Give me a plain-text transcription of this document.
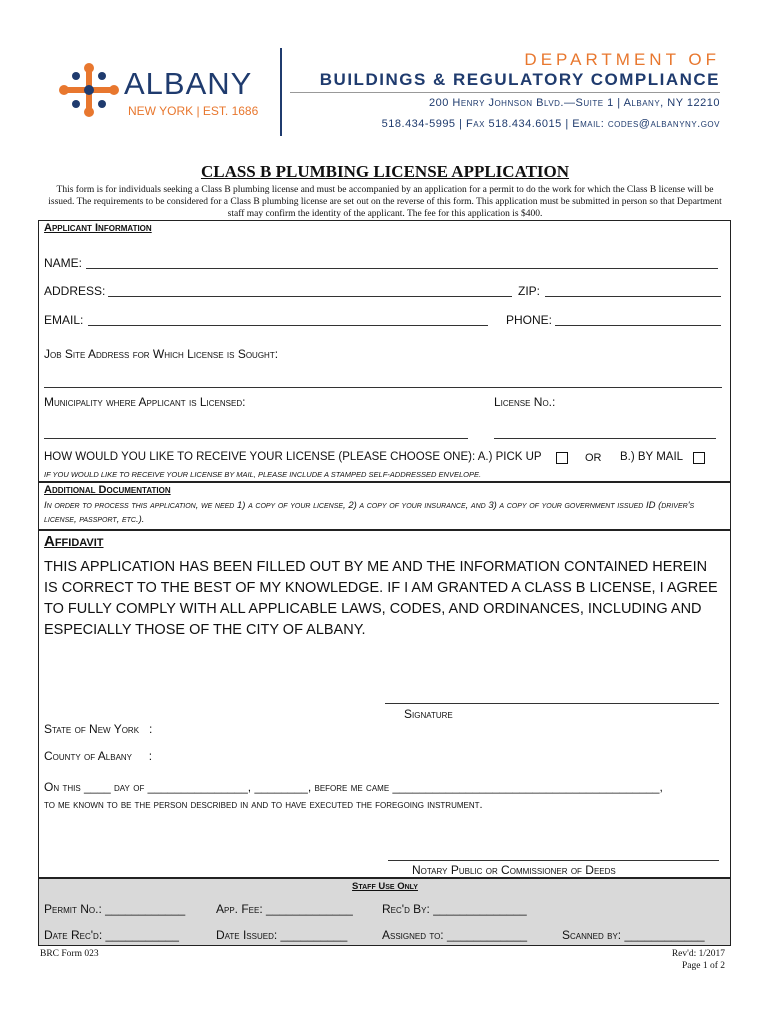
ALBANY
NEW YORK | EST. 1686
DEPARTMENT OF
BUILDINGS & REGULATORY COMPLIANCE
200 Henry Johnson Blvd.—Suite 1 | Albany, NY 12210
518.434-5995 | Fax 518.434.6015 | Email: codes@albanyny.gov
CLASS B PLUMBING LICENSE APPLICATION
This form is for individuals seeking a Class B plumbing license and must be accompanied by an application for a permit to do the work for which the Class B license will be issued. The requirements to be considered for a Class B plumbing license are set out on the reverse of this form. This application must be submitted in person so that Department staff may confirm the identity of the applicant. The fee for this application is $400.
Applicant Information
NAME:
ADDRESS:	ZIP:
EMAIL:	PHONE:
Job Site Address for Which License is Sought:
Municipality where Applicant is Licensed:	License No.:
HOW WOULD YOU LIKE TO RECEIVE YOUR LICENSE (PLEASE CHOOSE ONE): A.) PICK UP	OR B.) BY MAIL
IF YOU WOULD LIKE TO RECEIVE YOUR LICENSE BY MAIL, PLEASE INCLUDE A STAMPED SELF-ADDRESSED ENVELOPE.
Additional Documentation
In order to process this application, we need 1) a copy of your license, 2) a copy of your insurance, and 3) a copy of your government issued ID (driver's license, passport, etc.).
Affidavit
THIS APPLICATION HAS BEEN FILLED OUT BY ME AND THE INFORMATION CONTAINED HEREIN IS CORRECT TO THE BEST OF MY KNOWLEDGE. IF I AM GRANTED A CLASS B LICENSE, I AGREE TO FULLY COMPLY WITH ALL APPLICABLE LAWS, CODES, AND ORDINANCES, INCLUDING AND ESPECIALLY THOSE OF THE CITY OF ALBANY.
Signature
State of New York   :
County of Albany     :
On this ____ day of _______________, ________, before me came ________________________________________,
to me known to be the person described in and to have executed the foregoing instrument.
Notary Public or Commissioner of Deeds
Staff Use Only
Permit No.: ____________	App. Fee: _____________ Rec'd By: ______________
Date Rec'd: ___________	Date Issued: __________	Assigned to: ____________	Scanned by: ____________
BRC Form 023	Rev'd: 1/2017
Page 1 of 2
